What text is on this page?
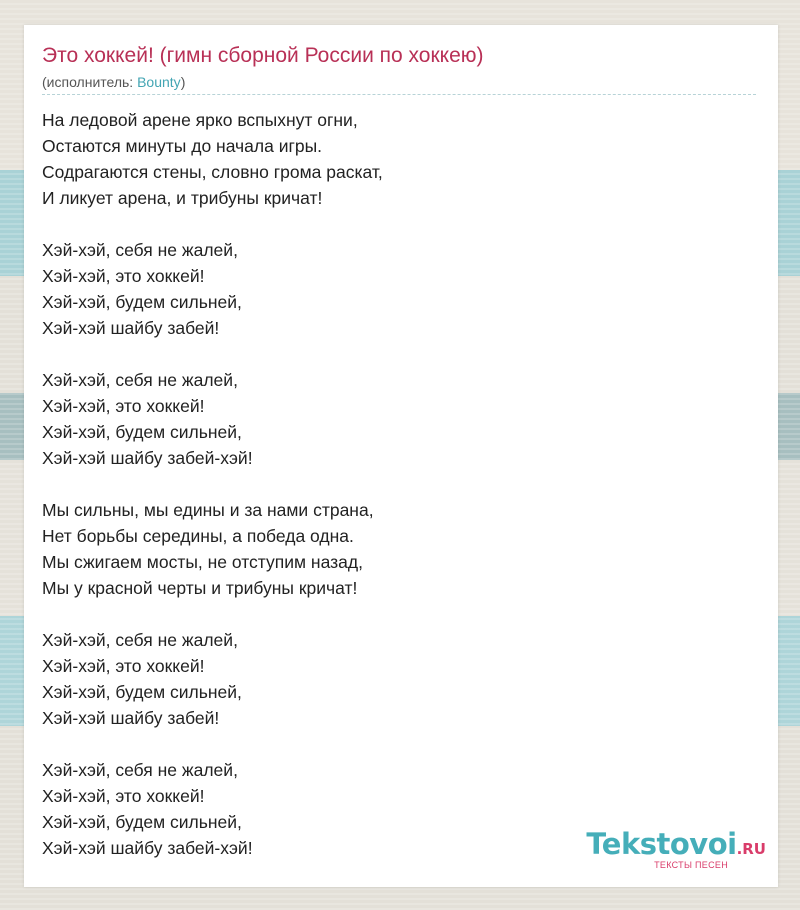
Это хоккей! (гимн сборной России по хоккею)
(исполнитель: Bounty)
На ледовой арене ярко вспыхнут огни,
Остаются минуты до начала игры.
Содрагаются стены, словно грома раскат,
И ликует арена, и трибуны кричат!
Хэй-хэй, себя не жалей,
Хэй-хэй, это хоккей!
Хэй-хэй, будем сильней,
Хэй-хэй шайбу забей!
Хэй-хэй, себя не жалей,
Хэй-хэй, это хоккей!
Хэй-хэй, будем сильней,
Хэй-хэй шайбу забей-хэй!
Мы сильны, мы едины и за нами страна,
Нет борьбы середины, а победа одна.
Мы сжигаем мосты, не отступим назад,
Мы у красной черты и трибуны кричат!
Хэй-хэй, себя не жалей,
Хэй-хэй, это хоккей!
Хэй-хэй, будем сильней,
Хэй-хэй шайбу забей!
Хэй-хэй, себя не жалей,
Хэй-хэй, это хоккей!
Хэй-хэй, будем сильней,
Хэй-хэй шайбу забей-хэй!	Tekstovoi.RU
ТЕКСТЫ ПЕСЕН
